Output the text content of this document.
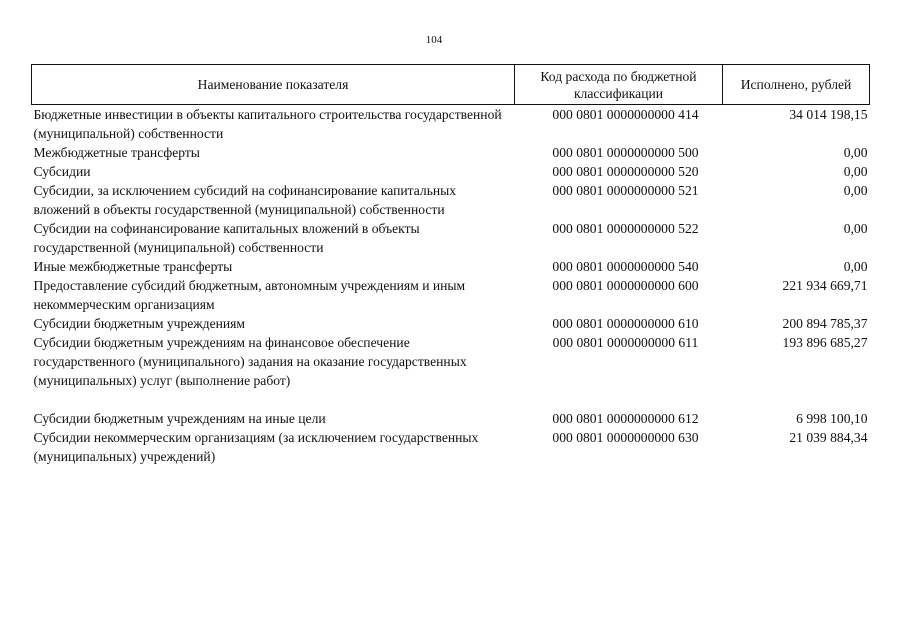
104
Наименование показателя	Код расхода по бюджетной классификации	Исполнено, рублей
Бюджетные инвестиции в объекты капитального строительства государственной (муниципальной) собственности	000 0801 0000000000 414	34 014 198,15
Межбюджетные трансферты	000 0801 0000000000 500	0,00
Субсидии	000 0801 0000000000 520	0,00
Субсидии, за исключением субсидий на софинансирование капитальных вложений в объекты государственной (муниципальной) собственности	000 0801 0000000000 521	0,00
Субсидии на софинансирование капитальных вложений в объекты государственной (муниципальной) собственности	000 0801 0000000000 522	0,00
Иные межбюджетные трансферты	000 0801 0000000000 540	0,00
Предоставление субсидий бюджетным, автономным учреждениям и иным некоммерческим организациям	000 0801 0000000000 600	221 934 669,71
Субсидии бюджетным учреждениям	000 0801 0000000000 610	200 894 785,37
Субсидии бюджетным учреждениям на финансовое обеспечение государственного (муниципального) задания на оказание государственных (муниципальных) услуг (выполнение работ)	000 0801 0000000000 611	193 896 685,27
Субсидии бюджетным учреждениям на иные цели	000 0801 0000000000 612	6 998 100,10
Субсидии некоммерческим организациям (за исключением государственных (муниципальных) учреждений)	000 0801 0000000000 630	21 039 884,34
